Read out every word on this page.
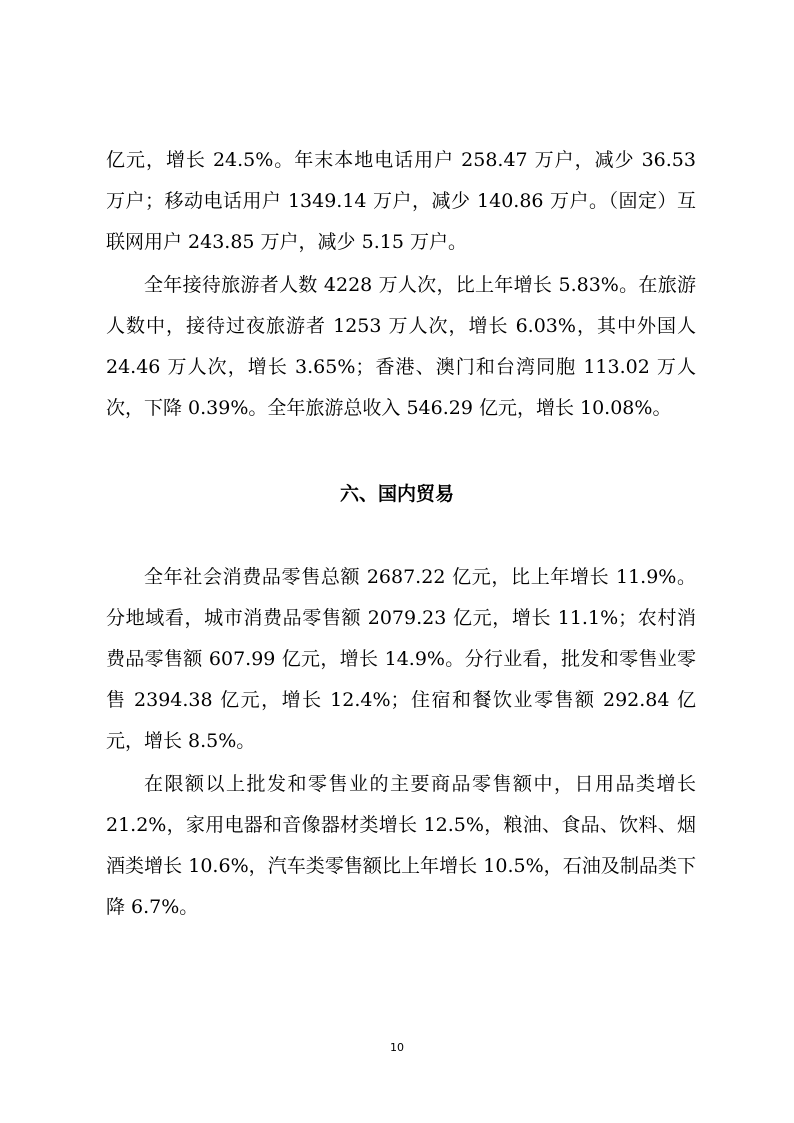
亿元，增长 24.5%。年末本地电话用户 258.47 万户，减少 36.53 万户；移动电话用户 1349.14 万户，减少 140.86 万户。（固定）互联网用户 243.85 万户，减少 5.15 万户。

全年接待旅游者人数 4228 万人次，比上年增长 5.83%。在旅游人数中，接待过夜旅游者 1253 万人次，增长 6.03%，其中外国人 24.46 万人次，增长 3.65%；香港、澳门和台湾同胞 113.02 万人次，下降 0.39%。全年旅游总收入 546.29 亿元，增长 10.08%。

六、国内贸易

全年社会消费品零售总额 2687.22 亿元，比上年增长 11.9%。分地域看，城市消费品零售额 2079.23 亿元，增长 11.1%；农村消费品零售额 607.99 亿元，增长 14.9%。分行业看，批发和零售业零售 2394.38 亿元，增长 12.4%；住宿和餐饮业零售额 292.84 亿元，增长 8.5%。

在限额以上批发和零售业的主要商品零售额中，日用品类增长 21.2%，家用电器和音像器材类增长 12.5%，粮油、食品、饮料、烟酒类增长 10.6%，汽车类零售额比上年增长 10.5%，石油及制品类下降 6.7%。

10
